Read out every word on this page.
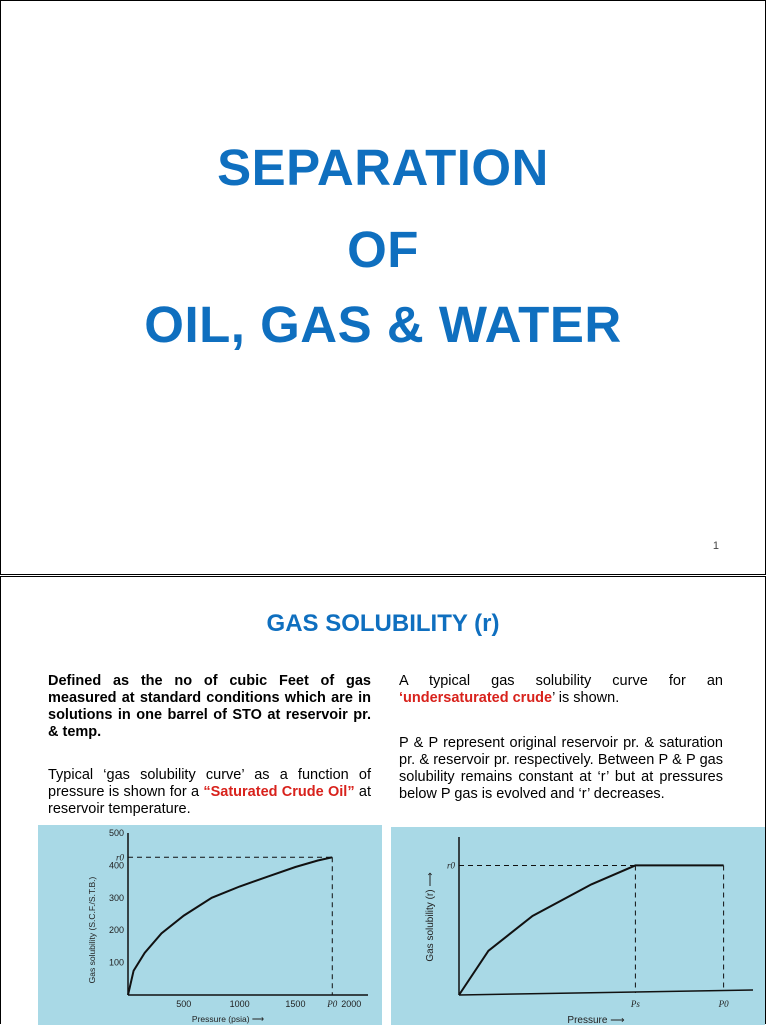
SEPARATION
OF
OIL, GAS & WATER
1
GAS SOLUBILITY (r)
Defined as the no of cubic Feet of gas measured at standard conditions which are in solutions in one barrel of STO at reservoir pr. & temp.
Typical ‘gas solubility curve’ as a function of pressure is shown for a “Saturated Crude Oil” at reservoir temperature.
A typical gas solubility curve for an ‘undersaturated crude’ is shown.
P & P represent original reservoir pr. & saturation pr. & reservoir pr. respectively. Between P & P gas solubility remains constant at ‘r’ but at pressures below P gas is evolved and ‘r’ decreases.
500	1000	1500 P0 2000
100
200
300
r0
400
500
Pressure (psia) ⟶
Gas solubility (S.C.F./S.T.B.)
Ps	P0
r0
Pressure ⟶
Gas solubility (r) ⟶
